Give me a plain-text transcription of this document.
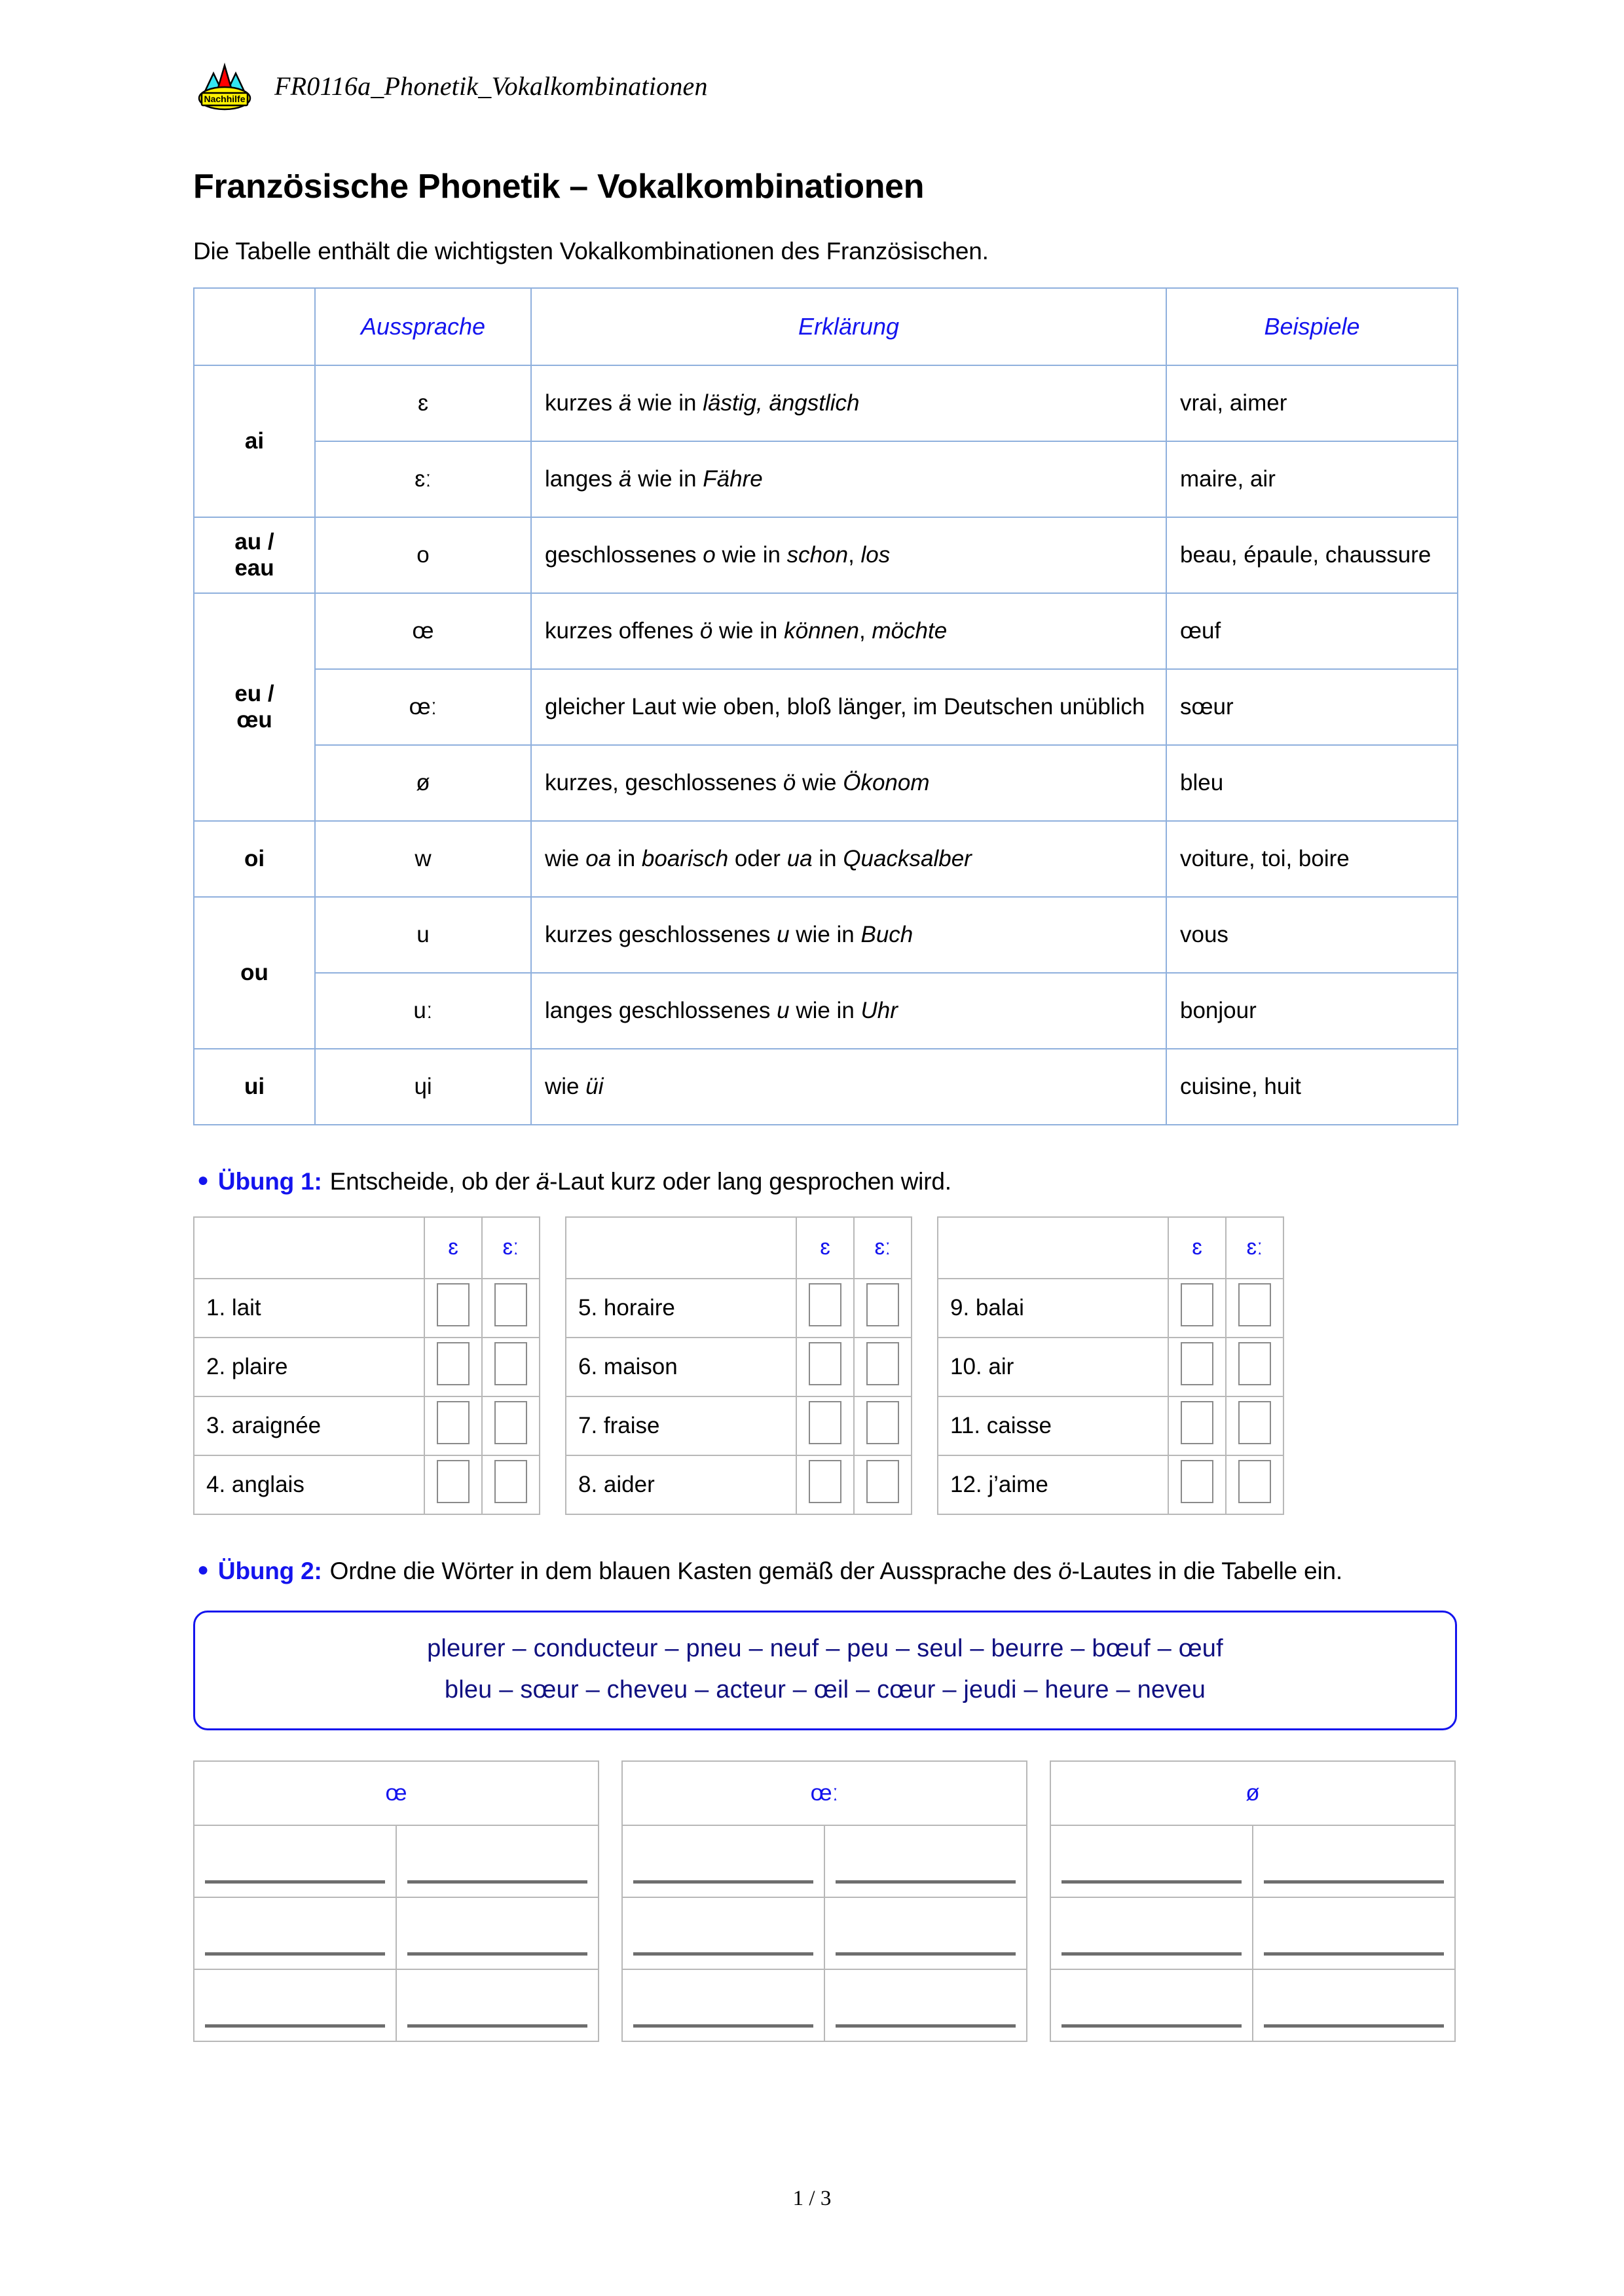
Nachhilfe FR0116a_Phonetik_Vokalkombinationen
Französische Phonetik – Vokalkombinationen

Die Tabelle enthält die wichtigsten Vokalkombinationen des Französischen.

	Aussprache	Erklärung	Beispiele
ai	ɛ	kurzes ä wie in lästig, ängstlich	vrai, aimer
	ɛː	langes ä wie in Fähre	maire, air
au /
eau	o	geschlossenes o wie in schon, los	beau, épaule, chaussure
eu /
œu	œ	kurzes offenes ö wie in können, möchte	œuf
	œː	gleicher Laut wie oben, bloß länger, im Deutschen unüblich	sœur
	ø	kurzes, geschlossenes ö wie Ökonom	bleu
oi	w	wie oa in boarisch oder ua in Quacksalber	voiture, toi, boire
ou	u	kurzes geschlossenes u wie in Buch	vous
	uː	langes geschlossenes u wie in Uhr	bonjour
ui	ɥi	wie üi	cuisine, huit
● Übung 1: Entscheide, ob der ä-Laut kurz oder lang gesprochen wird.
	ɛ	ɛː
1. lait		
2. plaire		
3. araignée		
4. anglais		
	ɛ	ɛː
5. horaire		
6. maison		
7. fraise		
8. aider		
	ɛ	ɛː
9. balai		
10. air		
11. caisse		
12. j’aime		
● Übung 2: Ordne die Wörter in dem blauen Kasten gemäß der Aussprache des ö-Lautes in die Tabelle ein.
pleurer – conducteur – pneu – neuf – peu – seul – beurre – bœuf – œuf
bleu – sœur – cheveu – acteur – œil – cœur – jeudi – heure – neveu
œ	

		œː	

		ø	

1 / 3
